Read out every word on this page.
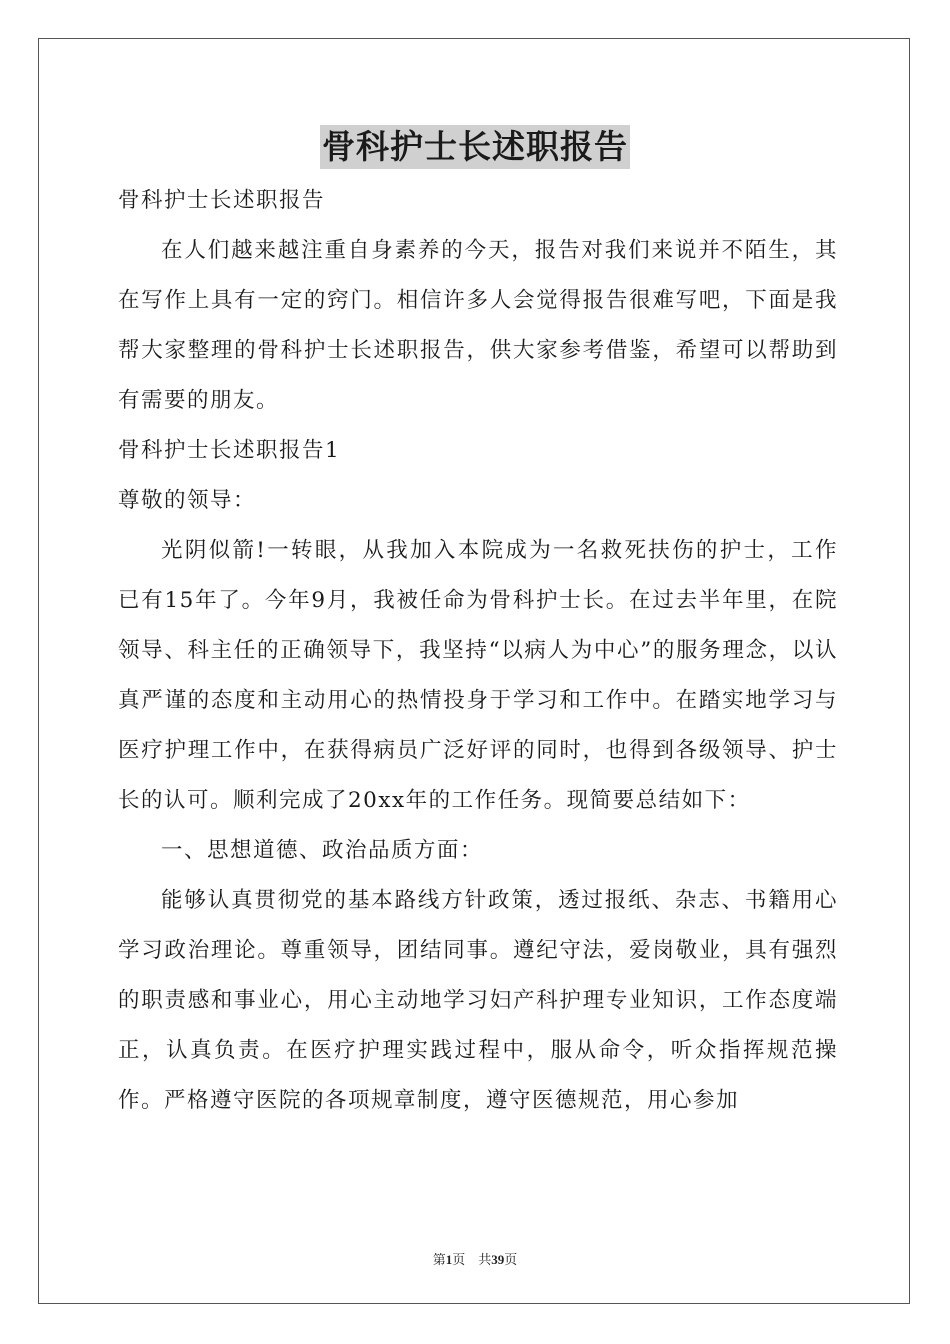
骨科护士长述职报告

骨科护士长述职报告

在人们越来越注重自身素养的今天，报告对我们来说并不陌生，其在写作上具有一定的窍门。相信许多人会觉得报告很难写吧，下面是我帮大家整理的骨科护士长述职报告，供大家参考借鉴，希望可以帮助到有需要的朋友。

骨科护士长述职报告1

尊敬的领导：

光阴似箭!一转眼，从我加入本院成为一名救死扶伤的护士，工作已有15年了。今年9月，我被任命为骨科护士长。在过去半年里，在院领导、科主任的正确领导下，我坚持“以病人为中心”的服务理念，以认真严谨的态度和主动用心的热情投身于学习和工作中。在踏实地学习与医疗护理工作中，在获得病员广泛好评的同时，也得到各级领导、护士长的认可。顺利完成了20xx年的工作任务。现简要总结如下：

一、思想道德、政治品质方面：

能够认真贯彻党的基本路线方针政策，透过报纸、杂志、书籍用心学习政治理论。尊重领导，团结同事。遵纪守法，爱岗敬业，具有强烈的职责感和事业心，用心主动地学习妇产科护理专业知识，工作态度端正，认真负责。在医疗护理实践过程中，服从命令，听众指挥规范操作。严格遵守医院的各项规章制度，遵守医德规范，用心参加

第1页 共39页
